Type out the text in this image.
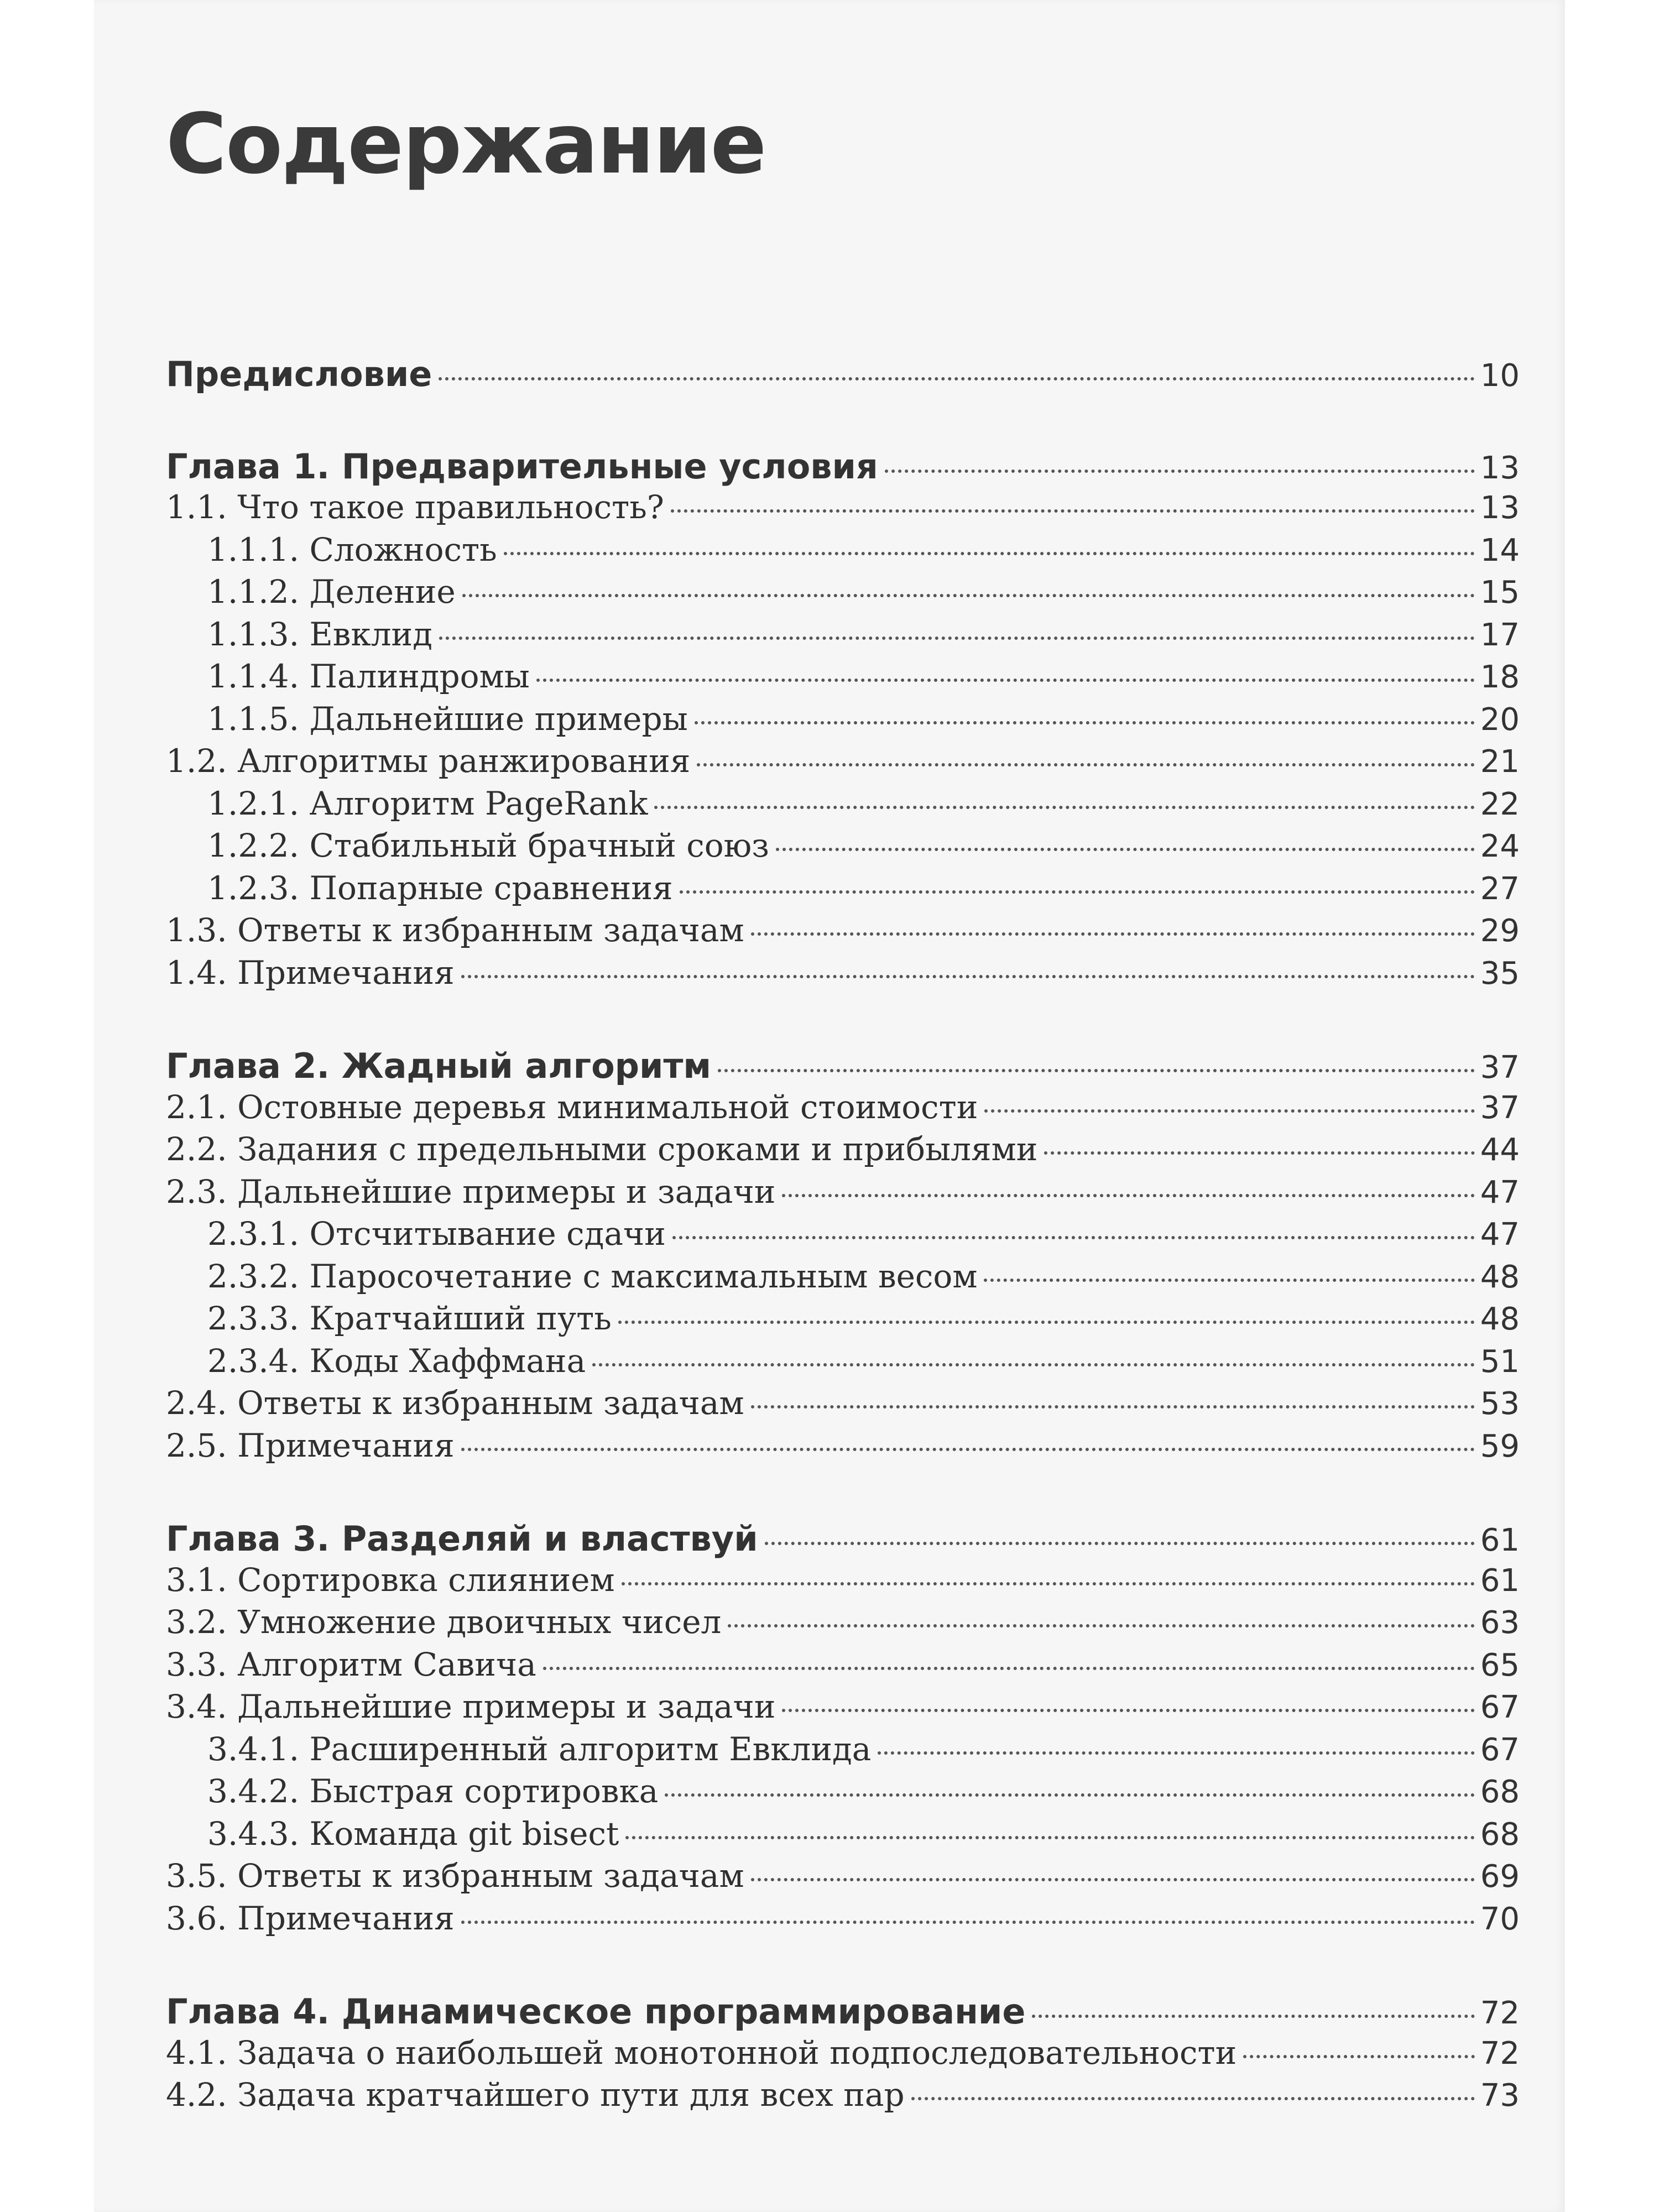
Содержание
Предисловие	10
Глава 1. Предварительные условия	13
1.1. Что такое правильность?	13
1.1.1. Сложность	14
1.1.2. Деление	15
1.1.3. Евклид	17
1.1.4. Палиндромы	18
1.1.5. Дальнейшие примеры	20
1.2. Алгоритмы ранжирования	21
1.2.1. Алгоритм PageRank	22
1.2.2. Стабильный брачный союз	24
1.2.3. Попарные сравнения	27
1.3. Ответы к избранным задачам	29
1.4. Примечания	35
Глава 2. Жадный алгоритм	37
2.1. Остовные деревья минимальной стоимости	37
2.2. Задания с предельными сроками и прибылями	44
2.3. Дальнейшие примеры и задачи	47
2.3.1. Отсчитывание сдачи	47
2.3.2. Паросочетание с максимальным весом	48
2.3.3. Кратчайший путь	48
2.3.4. Коды Хаффмана	51
2.4. Ответы к избранным задачам	53
2.5. Примечания	59
Глава 3. Разделяй и властвуй	61
3.1. Сортировка слиянием	61
3.2. Умножение двоичных чисел	63
3.3. Алгоритм Савича	65
3.4. Дальнейшие примеры и задачи	67
3.4.1. Расширенный алгоритм Евклида	67
3.4.2. Быстрая сортировка	68
3.4.3. Команда git bisect	68
3.5. Ответы к избранным задачам	69
3.6. Примечания	70
Глава 4. Динамическое программирование	72
4.1. Задача о наибольшей монотонной подпоследовательности	72
4.2. Задача кратчайшего пути для всех пар	73
